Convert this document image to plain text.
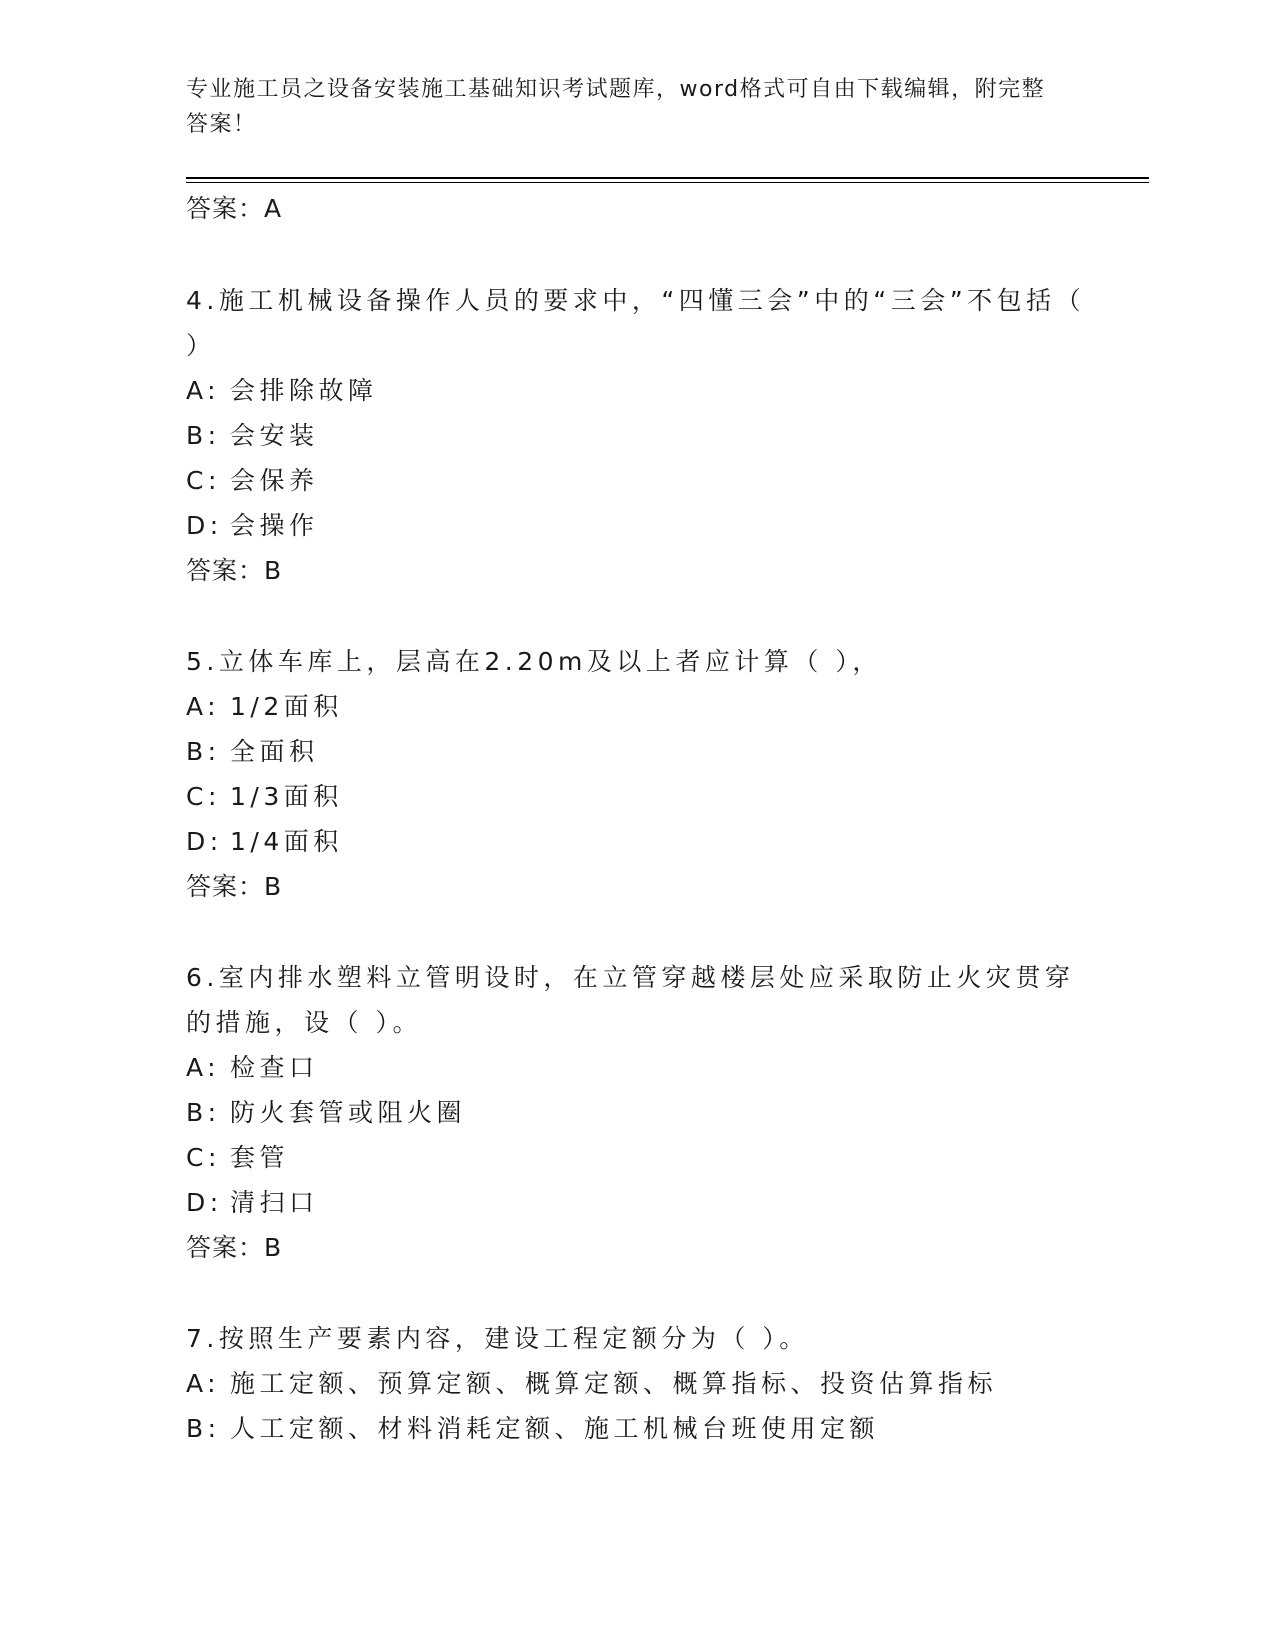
专业施工员之设备安装施工基础知识考试题库，word格式可自由下载编辑，附完整答案！
答案：A
4.施工机械设备操作人员的要求中，“四懂三会”中的“三会”不包括（ ）
A: 会排除故障
B: 会安装
C: 会保养
D: 会操作
答案：B
5.立体车库上，层高在2.20m及以上者应计算（ ），
A: 1/2面积
B: 全面积
C: 1/3面积
D: 1/4面积
答案：B
6.室内排水塑料立管明设时，在立管穿越楼层处应采取防止火灾贯穿的措施，设（ ）。
A: 检查口
B: 防火套管或阻火圈
C: 套管
D: 清扫口
答案：B
7.按照生产要素内容，建设工程定额分为（ ）。
A: 施工定额、预算定额、概算定额、概算指标、投资估算指标
B: 人工定额、材料消耗定额、施工机械台班使用定额
